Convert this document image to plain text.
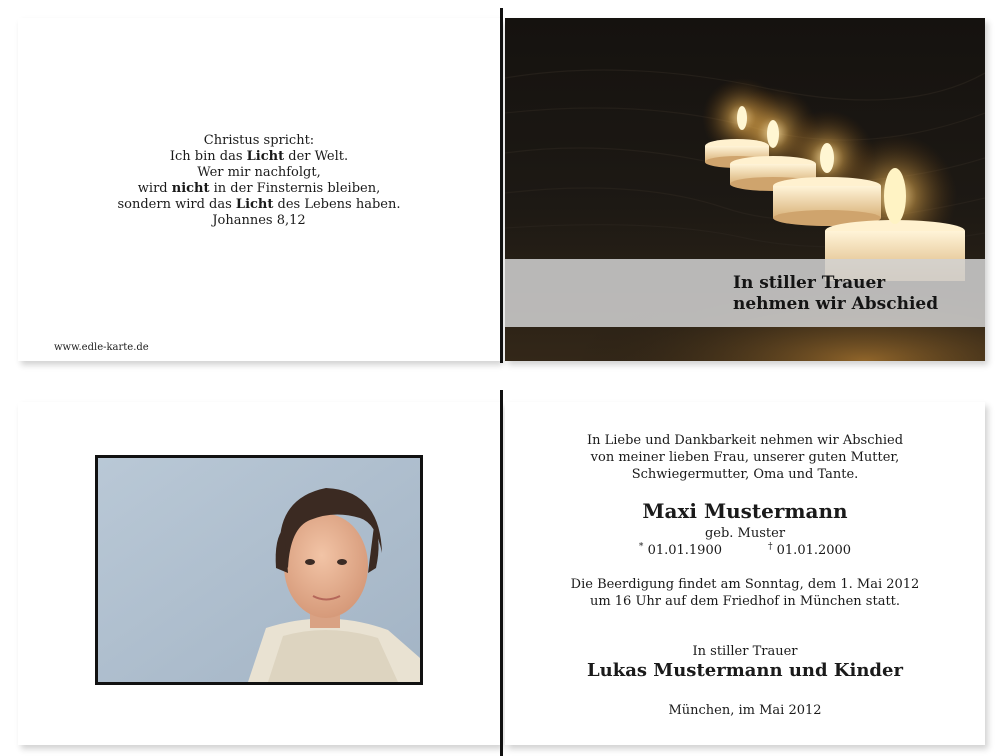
Christus spricht:
Ich bin das Licht der Welt.
Wer mir nachfolgt,
wird nicht in der Finsternis bleiben,
sondern wird das Licht des Lebens haben.
Johannes 8,12
www.edle-karte.de
In stiller Trauer
nehmen wir Abschied
In Liebe und Dankbarkeit nehmen wir Abschied
von meiner lieben Frau, unserer guten Mutter,
Schwiegermutter, Oma und Tante.
Maxi Mustermann
geb. Muster
* 01.01.1900	† 01.01.2000
Die Beerdigung findet am Sonntag, dem 1. Mai 2012
um 16 Uhr auf dem Friedhof in München statt.
In stiller Trauer
Lukas Mustermann und Kinder
München, im Mai 2012
